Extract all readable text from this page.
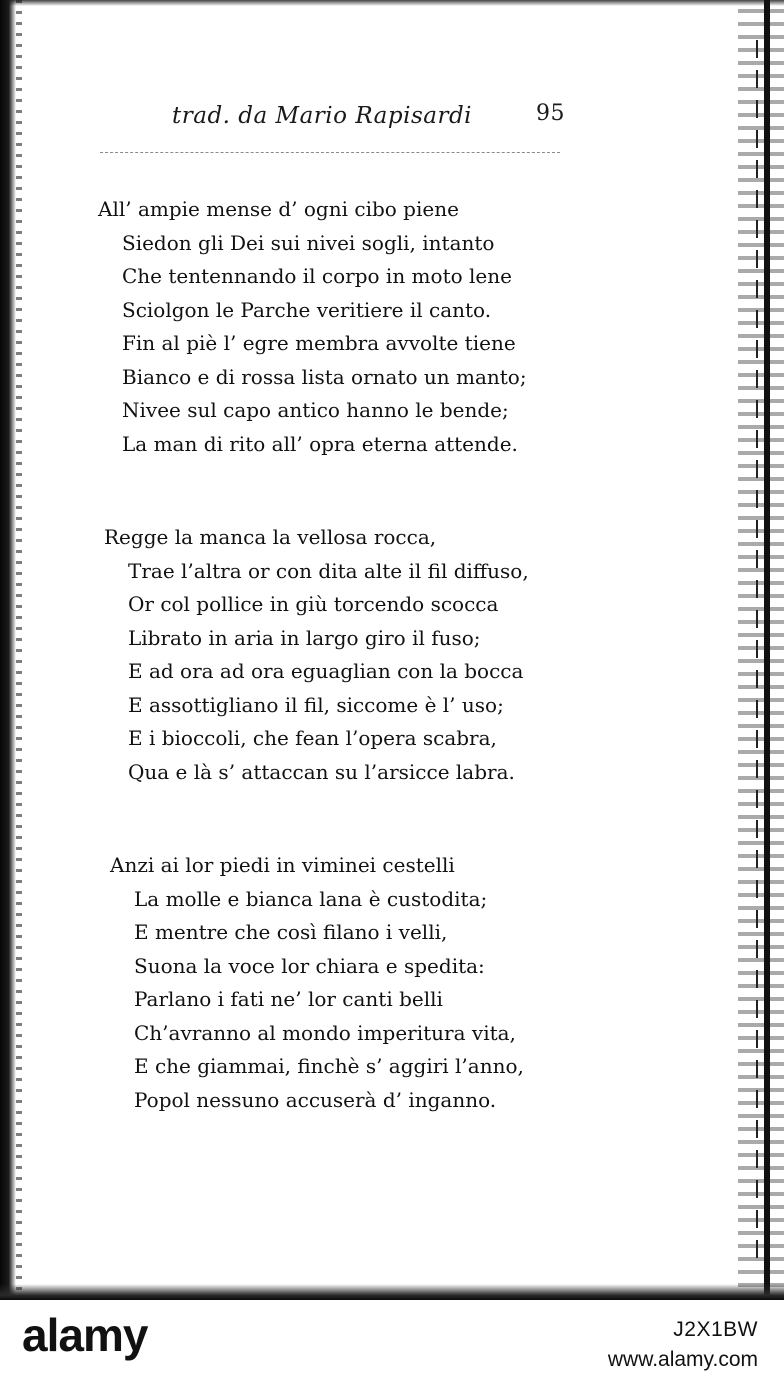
trad. da Mario Rapisardi	95
All’ ampie mense d’ ogni cibo piene
Siedon gli Dei sui nivei sogli, intanto
Che tentennando il corpo in moto lene
Sciolgon le Parche veritiere il canto.
Fin al piè l’ egre membra avvolte tiene
Bianco e di rossa lista ornato un manto;
Nivee sul capo antico hanno le bende;
La man di rito all’ opra eterna attende.
Regge la manca la vellosa rocca,
Trae l’altra or con dita alte il fil diffuso,
Or col pollice in giù torcendo scocca
Librato in aria in largo giro il fuso;
E ad ora ad ora eguaglian con la bocca
E assottigliano il fil, siccome è l’ uso;
E i bioccoli, che fean l’opera scabra,
Qua e là s’ attaccan su l’arsicce labra.
Anzi ai lor piedi in viminei cestelli
La molle e bianca lana è custodita;
E mentre che così filano i velli,
Suona la voce lor chiara e spedita:
Parlano i fati ne’ lor canti belli
Ch’avranno al mondo imperitura vita,
E che giammai, finchè s’ aggiri l’anno,
Popol nessuno accuserà d’ inganno.
alamy	J2X1BW
www.alamy.com
